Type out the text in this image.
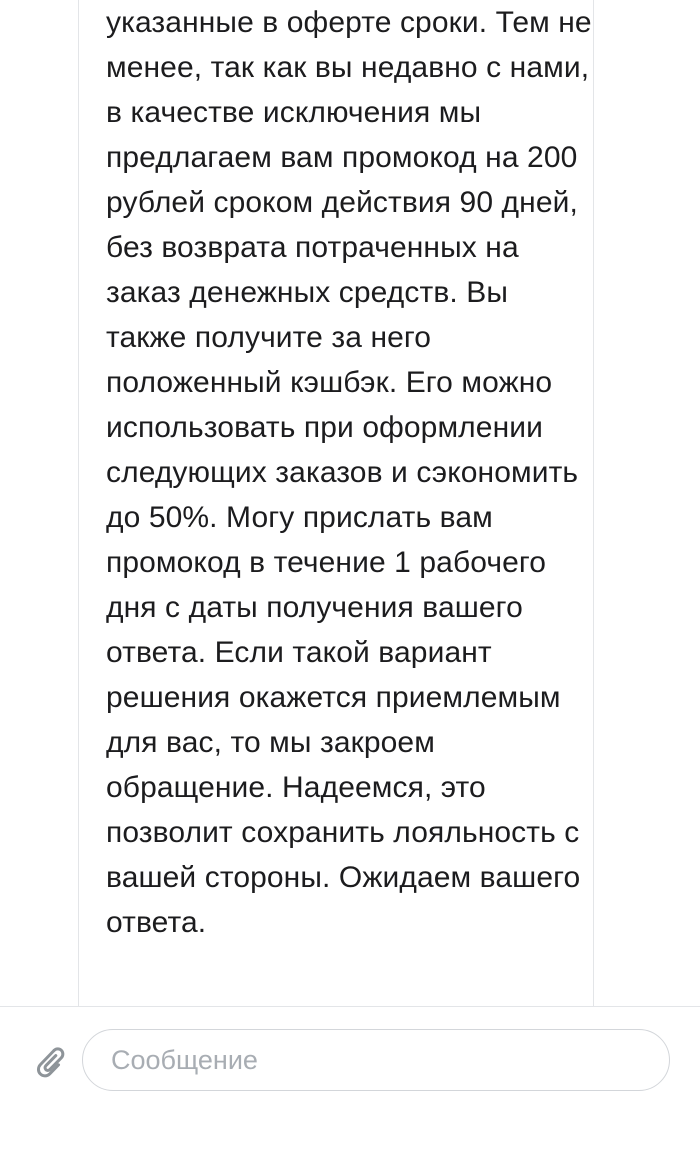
указанные в оферте сроки. Тем не менее, так как вы недавно с нами, в качестве исключения мы предлагаем вам промокод на 200 рублей сроком действия 90 дней, без возврата потраченных на заказ денежных средств. Вы также получите за него положенный кэшбэк. Его можно использовать при оформлении следующих заказов и сэкономить до 50%. Могу прислать вам промокод в течение 1 рабочего дня с даты получения вашего ответа. Если такой вариант решения окажется приемлемым для вас, то мы закроем обращение. Надеемся, это позволит сохранить лояльность с вашей стороны. Ожидаем вашего ответа.
Сообщение
